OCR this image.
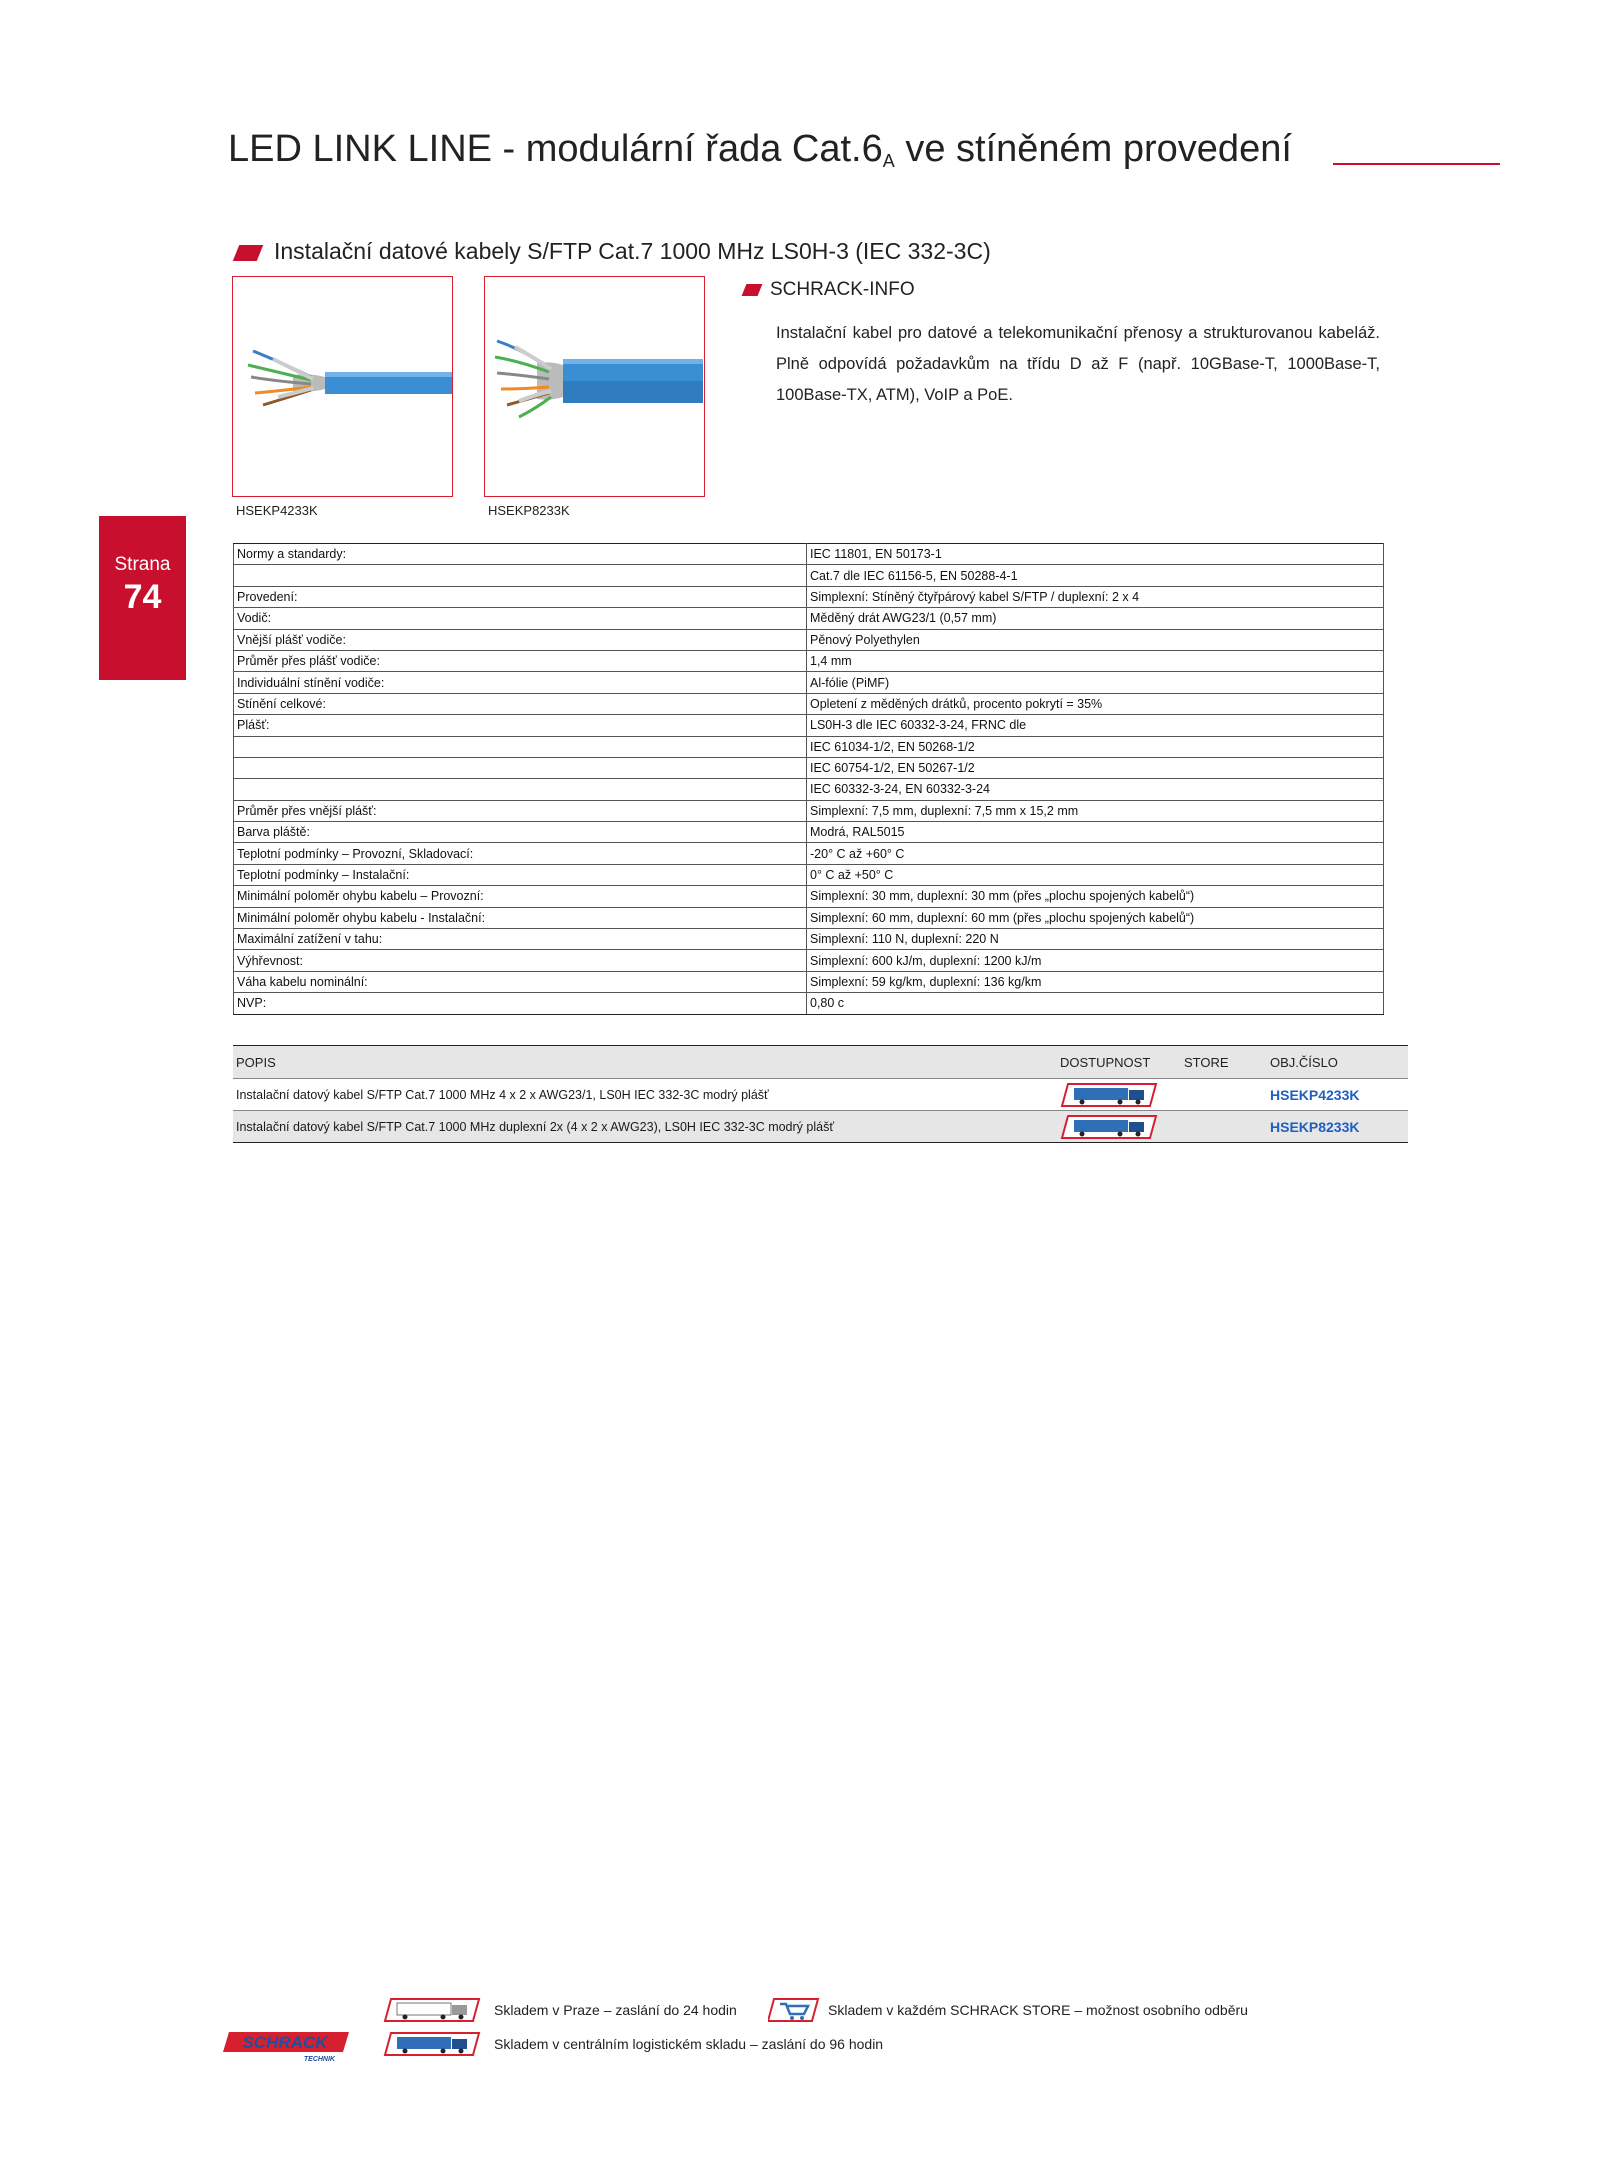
LED LINK LINE - modulární řada $Cat.6_A$ ve stíněném provedení
Instalační datové kabely S/FTP Cat.7 1000 MHz LS0H-3 (IEC 332-3C)
HSEKP4233K	HSEKP8233K
SCHRACK-INFO

Instalační kabel pro datové a telekomunikační přenosy a strukturovanou kabeláž. Plně odpovídá požadavkům na třídu D až F (např. 10GBase-T, 1000Base-T, 100Base-TX, ATM), VoIP a PoE.

Strana
74
Normy a standardy:	IEC 11801, EN 50173-1
	Cat.7 dle IEC 61156-5, EN 50288-4-1
Provedení:	Simplexní: Stíněný čtyřpárový kabel S/FTP / duplexní: 2 x 4
Vodič:	Měděný drát AWG23/1 (0,57 mm)
Vnější plášť vodiče:	Pěnový Polyethylen
Průměr přes plášť vodiče:	1,4 mm
Individuální stínění vodiče:	Al-fólie (PiMF)
Stínění celkové:	Opletení z měděných drátků, procento pokrytí = 35%
Plášť:	LS0H-3 dle IEC 60332-3-24, FRNC dle
	IEC 61034-1/2, EN 50268-1/2
	IEC 60754-1/2, EN 50267-1/2
	IEC 60332-3-24, EN 60332-3-24
Průměr přes vnější plášť:	Simplexní: 7,5 mm, duplexní: 7,5 mm x 15,2 mm
Barva pláště:	Modrá, RAL5015
Teplotní podmínky – Provozní, Skladovací:	-20° C až +60° C
Teplotní podmínky – Instalační:	0° C až +50° C
Minimální poloměr ohybu kabelu – Provozní:	Simplexní: 30 mm, duplexní: 30 mm (přes „plochu spojených kabelů“)
Minimální poloměr ohybu kabelu - Instalační:	Simplexní: 60 mm, duplexní: 60 mm (přes „plochu spojených kabelů“)
Maximální zatížení v tahu:	Simplexní: 110 N, duplexní: 220 N
Výhřevnost:	Simplexní: 600 kJ/m, duplexní: 1200 kJ/m
Váha kabelu nominální:	Simplexní: 59 kg/km, duplexní: 136 kg/km
NVP:	0,80 c
POPIS	DOSTUPNOST	STORE	OBJ.ČÍSLO
Instalační datový kabel S/FTP Cat.7 1000 MHz 4 x 2 x AWG23/1, LS0H IEC 332-3C modrý plášť			HSEKP4233K
Instalační datový kabel S/FTP Cat.7 1000 MHz duplexní 2x (4 x 2 x AWG23), LS0H IEC 332-3C modrý plášť			HSEKP8233K
Skladem v Praze – zaslání do 24 hodin	Skladem v každém SCHRACK STORE – možnost osobního odběru
Skladem v centrálním logistickém skladu – zaslání do 96 hodin
SCHRACK
TECHNIK
